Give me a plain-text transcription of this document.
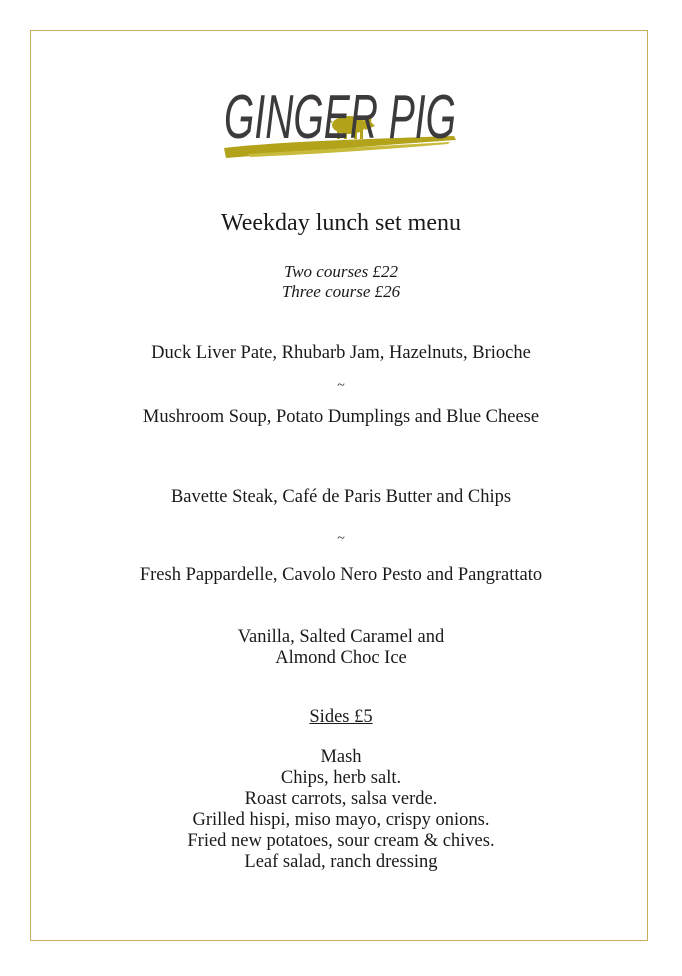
GINGER PIG
Weekday lunch set menu
Two courses £22
Three course £26
Duck Liver Pate, Rhubarb Jam, Hazelnuts, Brioche
~
Mushroom Soup, Potato Dumplings and Blue Cheese
Bavette Steak, Café de Paris Butter and Chips
~
Fresh Pappardelle, Cavolo Nero Pesto and Pangrattato
Vanilla, Salted Caramel and
Almond Choc Ice
Sides £5
Mash
Chips, herb salt.
Roast carrots, salsa verde.
Grilled hispi, miso mayo, crispy onions.
Fried new potatoes, sour cream & chives.
Leaf salad, ranch dressing
